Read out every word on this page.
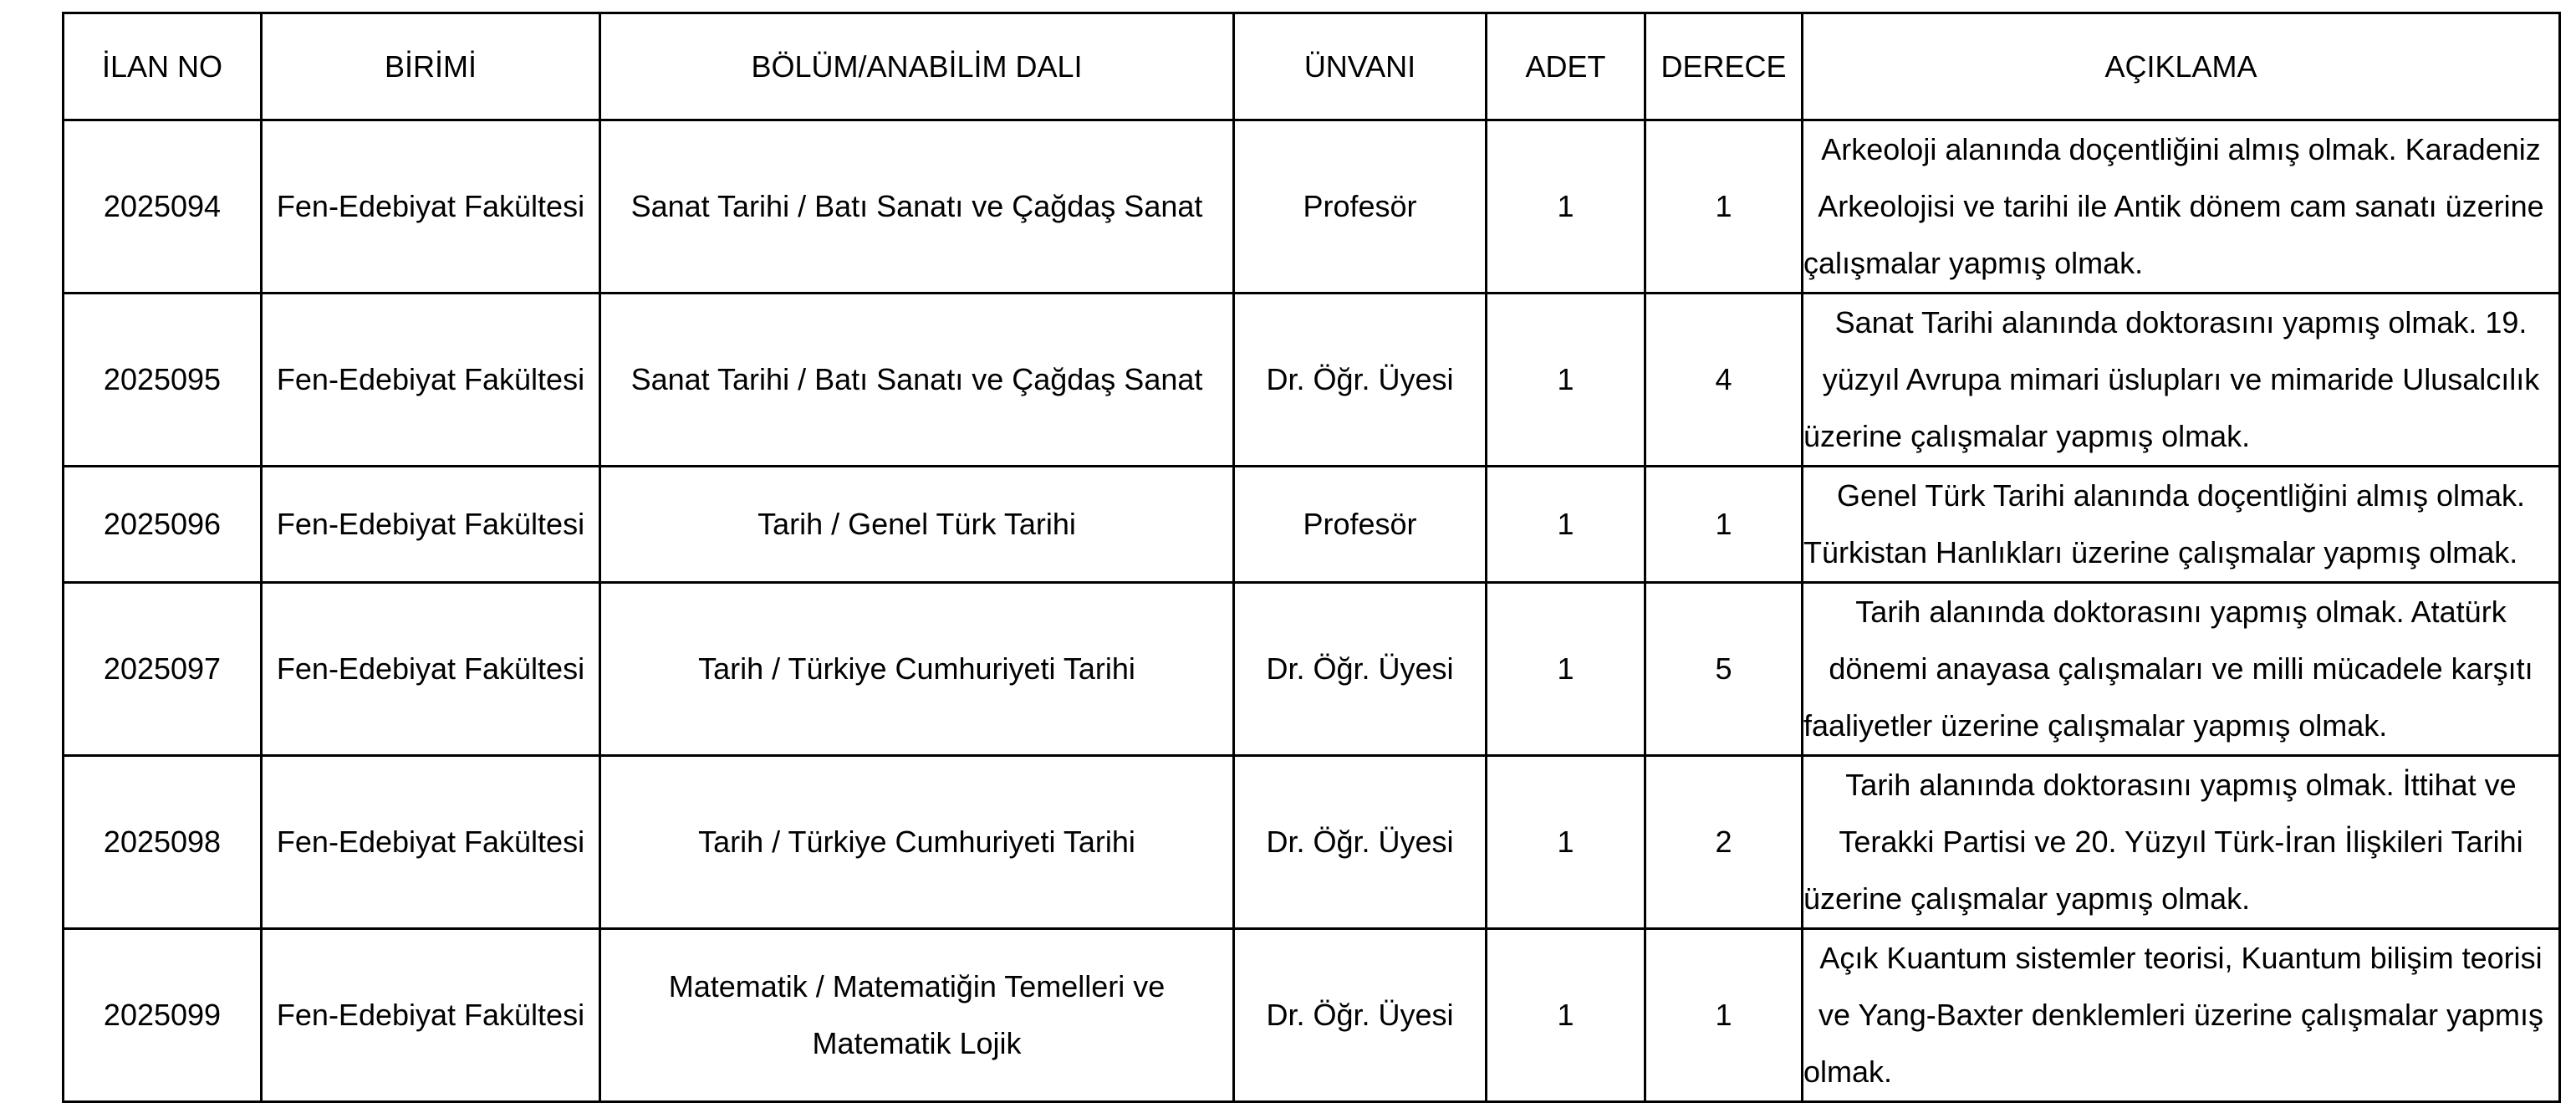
İLAN NO	BİRİMİ	BÖLÜM/ANABİLİM DALI	ÜNVANI	ADET	DERECE	AÇIKLAMA
2025094	Fen-Edebiyat Fakültesi	Sanat Tarihi / Batı Sanatı ve Çağdaş Sanat	Profesör	1	1	Arkeoloji alanında doçentliğini almış olmak. Karadeniz Arkeolojisi ve tarihi ile Antik dönem cam sanatı üzerine çalışmalar yapmış olmak.
2025095	Fen-Edebiyat Fakültesi	Sanat Tarihi / Batı Sanatı ve Çağdaş Sanat	Dr. Öğr. Üyesi	1	4	Sanat Tarihi alanında doktorasını yapmış olmak. 19. yüzyıl Avrupa mimari üslupları ve mimaride Ulusalcılık üzerine çalışmalar yapmış olmak.
2025096	Fen-Edebiyat Fakültesi	Tarih / Genel Türk Tarihi	Profesör	1	1	Genel Türk Tarihi alanında doçentliğini almış olmak. Türkistan Hanlıkları üzerine çalışmalar yapmış olmak.
2025097	Fen-Edebiyat Fakültesi	Tarih / Türkiye Cumhuriyeti Tarihi	Dr. Öğr. Üyesi	1	5	Tarih alanında doktorasını yapmış olmak. Atatürk dönemi anayasa çalışmaları ve milli mücadele karşıtı faaliyetler üzerine çalışmalar yapmış olmak.
2025098	Fen-Edebiyat Fakültesi	Tarih / Türkiye Cumhuriyeti Tarihi	Dr. Öğr. Üyesi	1	2	Tarih alanında doktorasını yapmış olmak. İttihat ve Terakki Partisi ve 20. Yüzyıl Türk-İran İlişkileri Tarihi üzerine çalışmalar yapmış olmak.
2025099	Fen-Edebiyat Fakültesi	Matematik / Matematiğin Temelleri ve Matematik Lojik	Dr. Öğr. Üyesi	1	1	Açık Kuantum sistemler teorisi, Kuantum bilişim teorisi ve Yang-Baxter denklemleri üzerine çalışmalar yapmış olmak.
